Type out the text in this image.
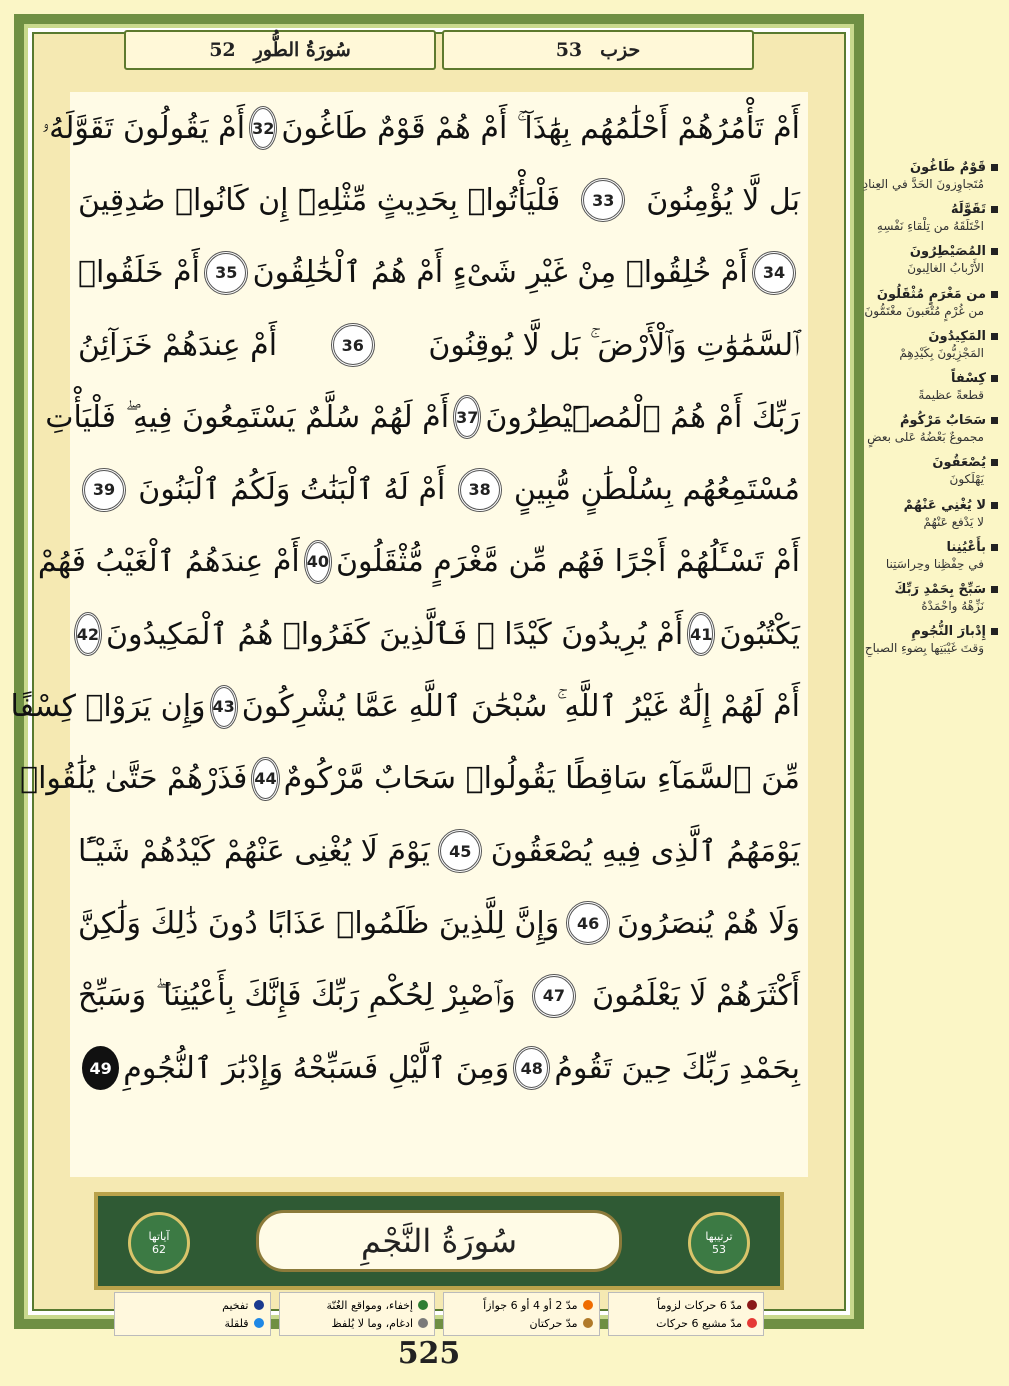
52 سُورَةُ الطُّورِ	53 حزب
أَمْ تَأْمُرُهُمْ أَحْلَٰمُهُم بِهَٰذَآ ۚ أَمْ هُمْ قَوْمٌ طَاغُونَ
32
أَمْ يَقُولُونَ تَقَوَّلَهُۥ
بَل لَّا يُؤْمِنُونَ
33
فَلْيَأْتُوا۟ بِحَدِيثٍ مِّثْلِهِۦٓ إِن كَانُوا۟ صَٰدِقِينَ
34
أَمْ خُلِقُوا۟ مِنْ غَيْرِ شَىْءٍ أَمْ هُمُ ٱلْخَٰلِقُونَ
35
أَمْ خَلَقُوا۟
ٱلسَّمَٰوَٰتِ وَٱلْأَرْضَ ۚ بَل لَّا يُوقِنُونَ
36
أَمْ عِندَهُمْ خَزَآئِنُ
رَبِّكَ أَمْ هُمُ ٱلْمُصَۣيْطِرُونَ
37
أَمْ لَهُمْ سُلَّمٌ يَسْتَمِعُونَ فِيهِ ۖ فَلْيَأْتِ
مُسْتَمِعُهُم بِسُلْطَٰنٍ مُّبِينٍ
38
أَمْ لَهُ ٱلْبَنَٰتُ وَلَكُمُ ٱلْبَنُونَ
39
أَمْ تَسْـَٔلُهُمْ أَجْرًا فَهُم مِّن مَّغْرَمٍ مُّثْقَلُونَ
40
أَمْ عِندَهُمُ ٱلْغَيْبُ فَهُمْ
يَكْتُبُونَ
41
أَمْ يُرِيدُونَ كَيْدًا ۖ فَٱلَّذِينَ كَفَرُوا۟ هُمُ ٱلْمَكِيدُونَ
42
أَمْ لَهُمْ إِلَٰهٌ غَيْرُ ٱللَّهِ ۚ سُبْحَٰنَ ٱللَّهِ عَمَّا يُشْرِكُونَ
43
وَإِن يَرَوْا۟ كِسْفًا
مِّنَ ٱلسَّمَآءِ سَاقِطًا يَقُولُوا۟ سَحَابٌ مَّرْكُومٌ
44
فَذَرْهُمْ حَتَّىٰ يُلَٰقُوا۟
يَوْمَهُمُ ٱلَّذِى فِيهِ يُصْعَقُونَ
45
يَوْمَ لَا يُغْنِى عَنْهُمْ كَيْدُهُمْ شَيْـًٔا
وَلَا هُمْ يُنصَرُونَ
46
وَإِنَّ لِلَّذِينَ ظَلَمُوا۟ عَذَابًا دُونَ ذَٰلِكَ وَلَٰكِنَّ
أَكْثَرَهُمْ لَا يَعْلَمُونَ
47
وَٱصْبِرْ لِحُكْمِ رَبِّكَ فَإِنَّكَ بِأَعْيُنِنَا ۖ وَسَبِّحْ
بِحَمْدِ رَبِّكَ حِينَ تَقُومُ
48
وَمِنَ ٱلَّيْلِ فَسَبِّحْهُ وَإِدْبَٰرَ ٱلنُّجُومِ
49
ترتيبها
53
سُورَةُ النَّجْمِ
آياتها
62
مدّ 6 حركات لزوماً
مدّ مشبع 6 حركات
مدّ 2 أو 4 أو 6 جوازاً
مدّ حركتان
إخفاء، ومواقع الغُنّة
ادغام، وما لا يُلفظ
تفخيم
قلقلة
525
قَوْمٌ طَاغُونَ
مُتَجاوِزونَ الحَدَّ في العِنادِ
تَقَوَّلَهُ
اخْتَلَقَهُ من تِلْقاءِ نَفْسِهِ
المُصَيْطِرُونَ
الأَرْبابُ الغالِبونَ
من مَغْرَمٍ مُثْقَلُونَ
من غُرْمٍ مُتْعَبونَ مغْتَمُّونَ
المَكِيدُونَ
المَجْزِيُّونَ بِكَيْدِهِمْ
كِسْفاً
قطعةً عظيمةً
سَحَابٌ مَرْكُومٌ
مجموعٌ بَعْضُهُ عَلى بعضٍ
يُصْعَقُونَ
يَهْلَكونَ
لا يُغْنِي عَنْهُمْ
لا يَدْفع عَنْهُمْ
بأَعْيُنِنا
في حِفْظِنا وحِراسَتِنا
سَبِّحْ بِحَمْدِ رَبِّكَ
نَزِّهْهُ واحْمَدْهُ
إِدْبارَ النُّجُومِ
وَقتَ غَيْبَتِها بِضوءِ الصباحِ
